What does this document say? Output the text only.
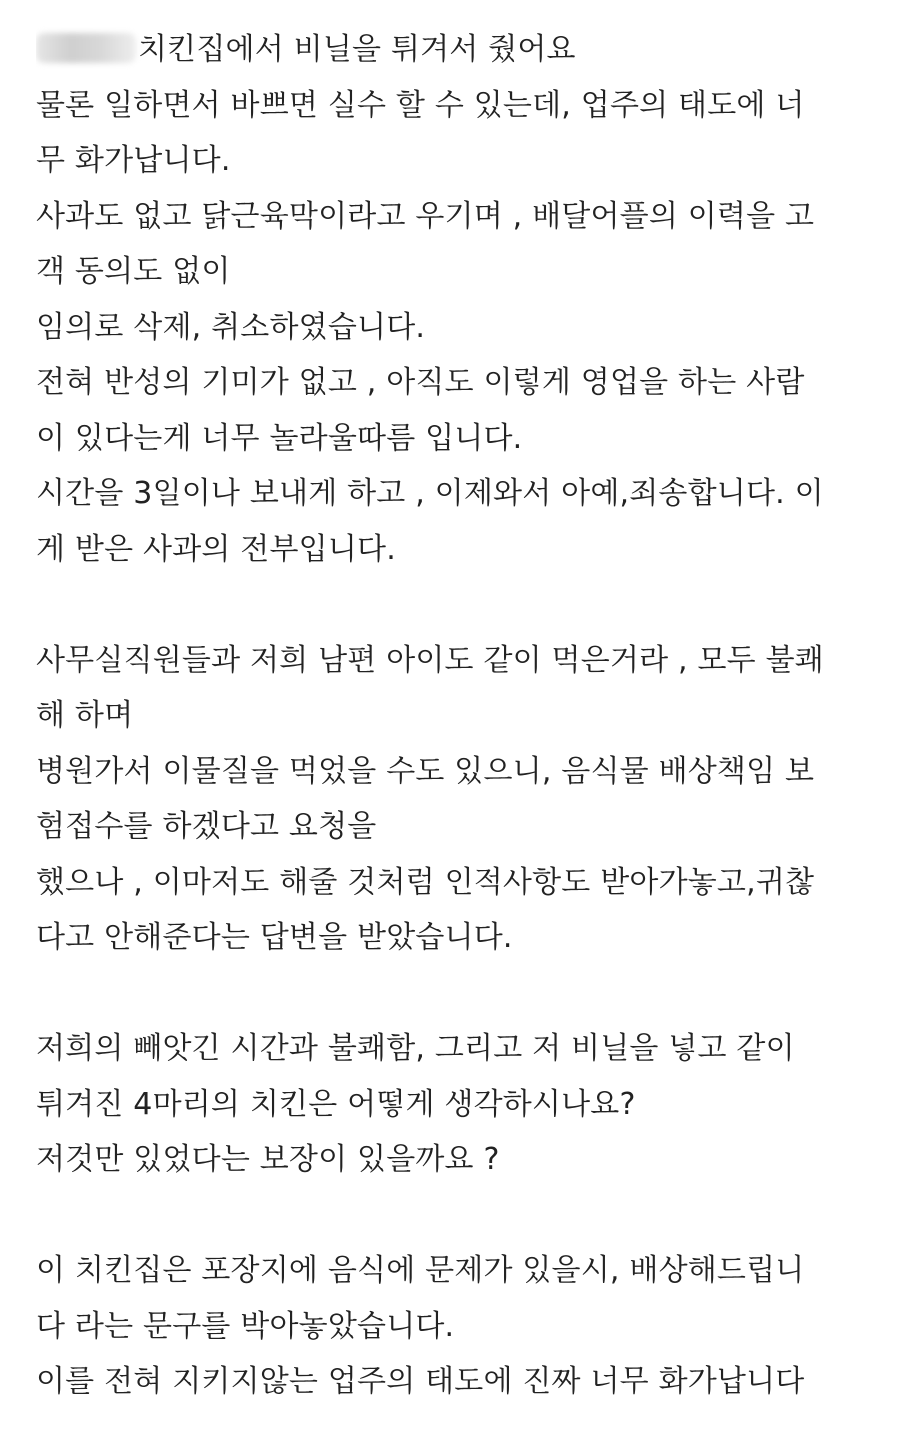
치킨집에서 비닐을 튀겨서 줬어요
물론 일하면서 바쁘면 실수 할 수 있는데, 업주의 태도에 너
무 화가납니다.
사과도 없고 닭근육막이라고 우기며 , 배달어플의 이력을 고
객 동의도 없이
임의로 삭제, 취소하였습니다.
전혀 반성의 기미가 없고 , 아직도 이렇게 영업을 하는 사람
이 있다는게 너무 놀라울따름 입니다.
시간을 3일이나 보내게 하고 , 이제와서 아예,죄송합니다. 이
게 받은 사과의 전부입니다.
사무실직원들과 저희 남편 아이도 같이 먹은거라 , 모두 불쾌
해 하며
병원가서 이물질을 먹었을 수도 있으니, 음식물 배상책임 보
험접수를 하겠다고 요청을
했으나 , 이마저도 해줄 것처럼 인적사항도 받아가놓고,귀찮
다고 안해준다는 답변을 받았습니다.
저희의 빼앗긴 시간과 불쾌함, 그리고 저 비닐을 넣고 같이
튀겨진 4마리의 치킨은 어떻게 생각하시나요?
저것만 있었다는 보장이 있을까요 ?
이 치킨집은 포장지에 음식에 문제가 있을시, 배상해드립니
다 라는 문구를 박아놓았습니다.
이를 전혀 지키지않는 업주의 태도에 진짜 너무 화가납니다
